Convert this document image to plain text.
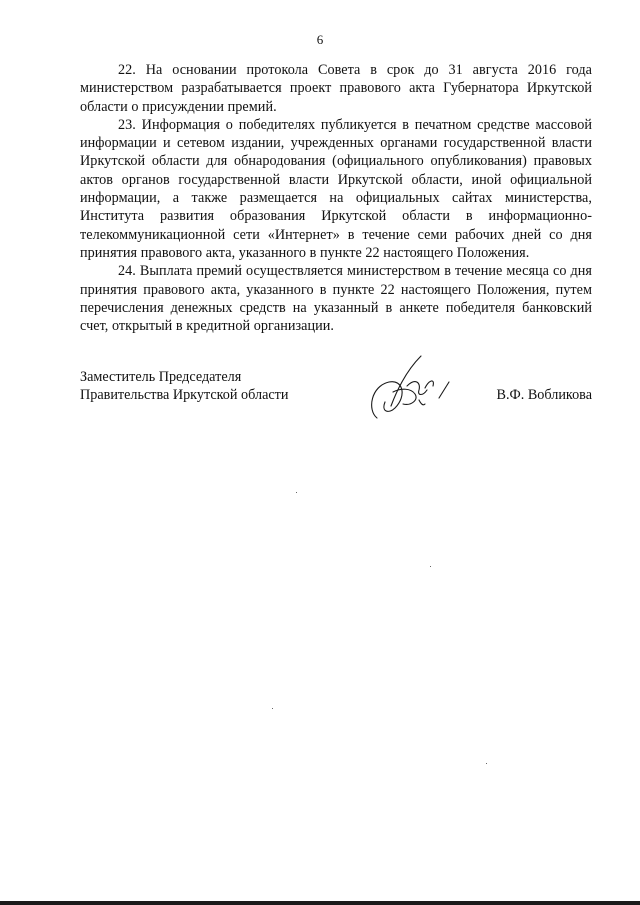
6

22. На основании протокола Совета в срок до 31 августа 2016 года министерством разрабатывается проект правового акта Губернатора Иркутской области о присуждении премий.

23. Информация о победителях публикуется в печатном средстве массовой информации и сетевом издании, учрежденных органами государственной власти Иркутской области для обнародования (официального опубликования) правовых актов органов государственной власти Иркутской области, иной официальной информации, а также размещается на официальных сайтах министерства, Института развития образования Иркутской области в информационно-телекоммуникационной сети «Интернет» в течение семи рабочих дней со дня принятия правового акта, указанного в пункте 22 настоящего Положения.

24. Выплата премий осуществляется министерством в течение месяца со дня принятия правового акта, указанного в пункте 22 настоящего Положения, путем перечисления денежных средств на указанный в анкете победителя банковский счет, открытый в кредитной организации.

Заместитель Председателя
Правительства Иркутской области	В.Ф. Вобликова
